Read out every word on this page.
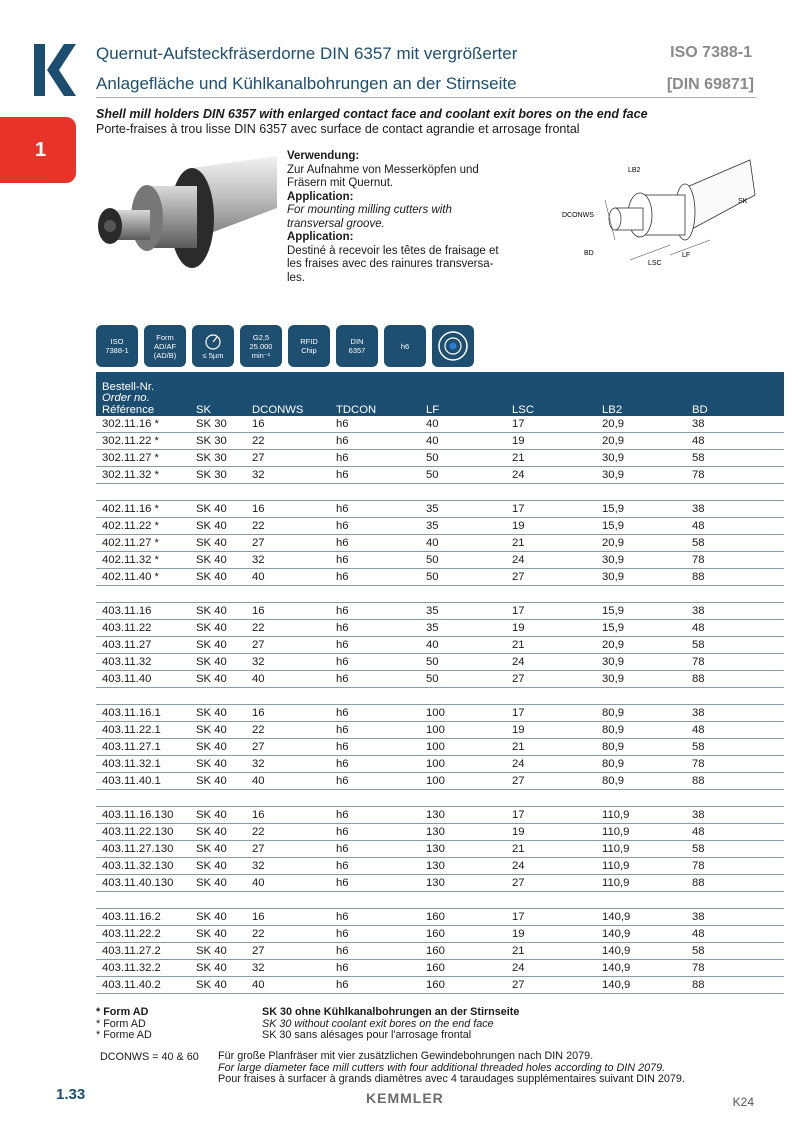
Quernut-Aufsteckfräserdorne DIN 6357 mit vergrößerter
Anlagefläche und Kühlkanalbohrungen an der Stirnseite
ISO 7388-1
[DIN 69871]
1
Shell mill holders DIN 6357 with enlarged contact face and coolant exit bores on the end face
Porte-fraises à trou lisse DIN 6357 avec surface de contact agrandie et arrosage frontal
Verwendung:
Zur Aufnahme von Messerköpfen und
Fräsern mit Quernut.
Application:
For mounting milling cutters with
transversal groove.
Application:
Destiné à recevoir les têtes de fraisage et
les fraises avec des rainures transversa-
les.
LB2
SK
DCONWS
BD
LSC
LF
ISO
7388-1
Form
AD/AF
(AD/B)	≤ 5µm
G2,5
25.000
min⁻¹
RFID
Chip
DIN
6357	h6
Bestell-Nr.
Order no.
Référence	SK	DCONWS	TDCON	LF	LSC	LB2	BD
302.11.16 *	SK 30	16	h6	40	17	20,9	38
302.11.22 *	SK 30	22	h6	40	19	20,9	48
302.11.27 *	SK 30	27	h6	50	21	30,9	58
302.11.32 *	SK 30	32	h6	50	24	30,9	78

402.11.16 *	SK 40	16	h6	35	17	15,9	38
402.11.22 *	SK 40	22	h6	35	19	15,9	48
402.11.27 *	SK 40	27	h6	40	21	20,9	58
402.11.32 *	SK 40	32	h6	50	24	30,9	78
402.11.40 *	SK 40	40	h6	50	27	30,9	88

403.11.16	SK 40	16	h6	35	17	15,9	38
403.11.22	SK 40	22	h6	35	19	15,9	48
403.11.27	SK 40	27	h6	40	21	20,9	58
403.11.32	SK 40	32	h6	50	24	30,9	78
403.11.40	SK 40	40	h6	50	27	30,9	88

403.11.16.1	SK 40	16	h6	100	17	80,9	38
403.11.22.1	SK 40	22	h6	100	19	80,9	48
403.11.27.1	SK 40	27	h6	100	21	80,9	58
403.11.32.1	SK 40	32	h6	100	24	80,9	78
403.11.40.1	SK 40	40	h6	100	27	80,9	88

403.11.16.130	SK 40	16	h6	130	17	110,9	38
403.11.22.130	SK 40	22	h6	130	19	110,9	48
403.11.27.130	SK 40	27	h6	130	21	110,9	58
403.11.32.130	SK 40	32	h6	130	24	110,9	78
403.11.40.130	SK 40	40	h6	130	27	110,9	88

403.11.16.2	SK 40	16	h6	160	17	140,9	38
403.11.22.2	SK 40	22	h6	160	19	140,9	48
403.11.27.2	SK 40	27	h6	160	21	140,9	58
403.11.32.2	SK 40	32	h6	160	24	140,9	78
403.11.40.2	SK 40	40	h6	160	27	140,9	88
* Form AD
* Form AD
* Forme AD
SK 30 ohne Kühlkanalbohrungen an der Stirnseite
SK 30 without coolant exit bores on the end face
SK 30 sans alésages pour l'arrosage frontal
DCONWS = 40 & 60 Für große Planfräser mit vier zusätzlichen Gewindebohrungen nach DIN 2079.
For large diameter face mill cutters with four additional threaded holes according to DIN 2079.
Pour fraises à surfacer à grands diamètres avec 4 taraudages supplémentaires suivant DIN 2079.
1.33	KEMMLER	K24
